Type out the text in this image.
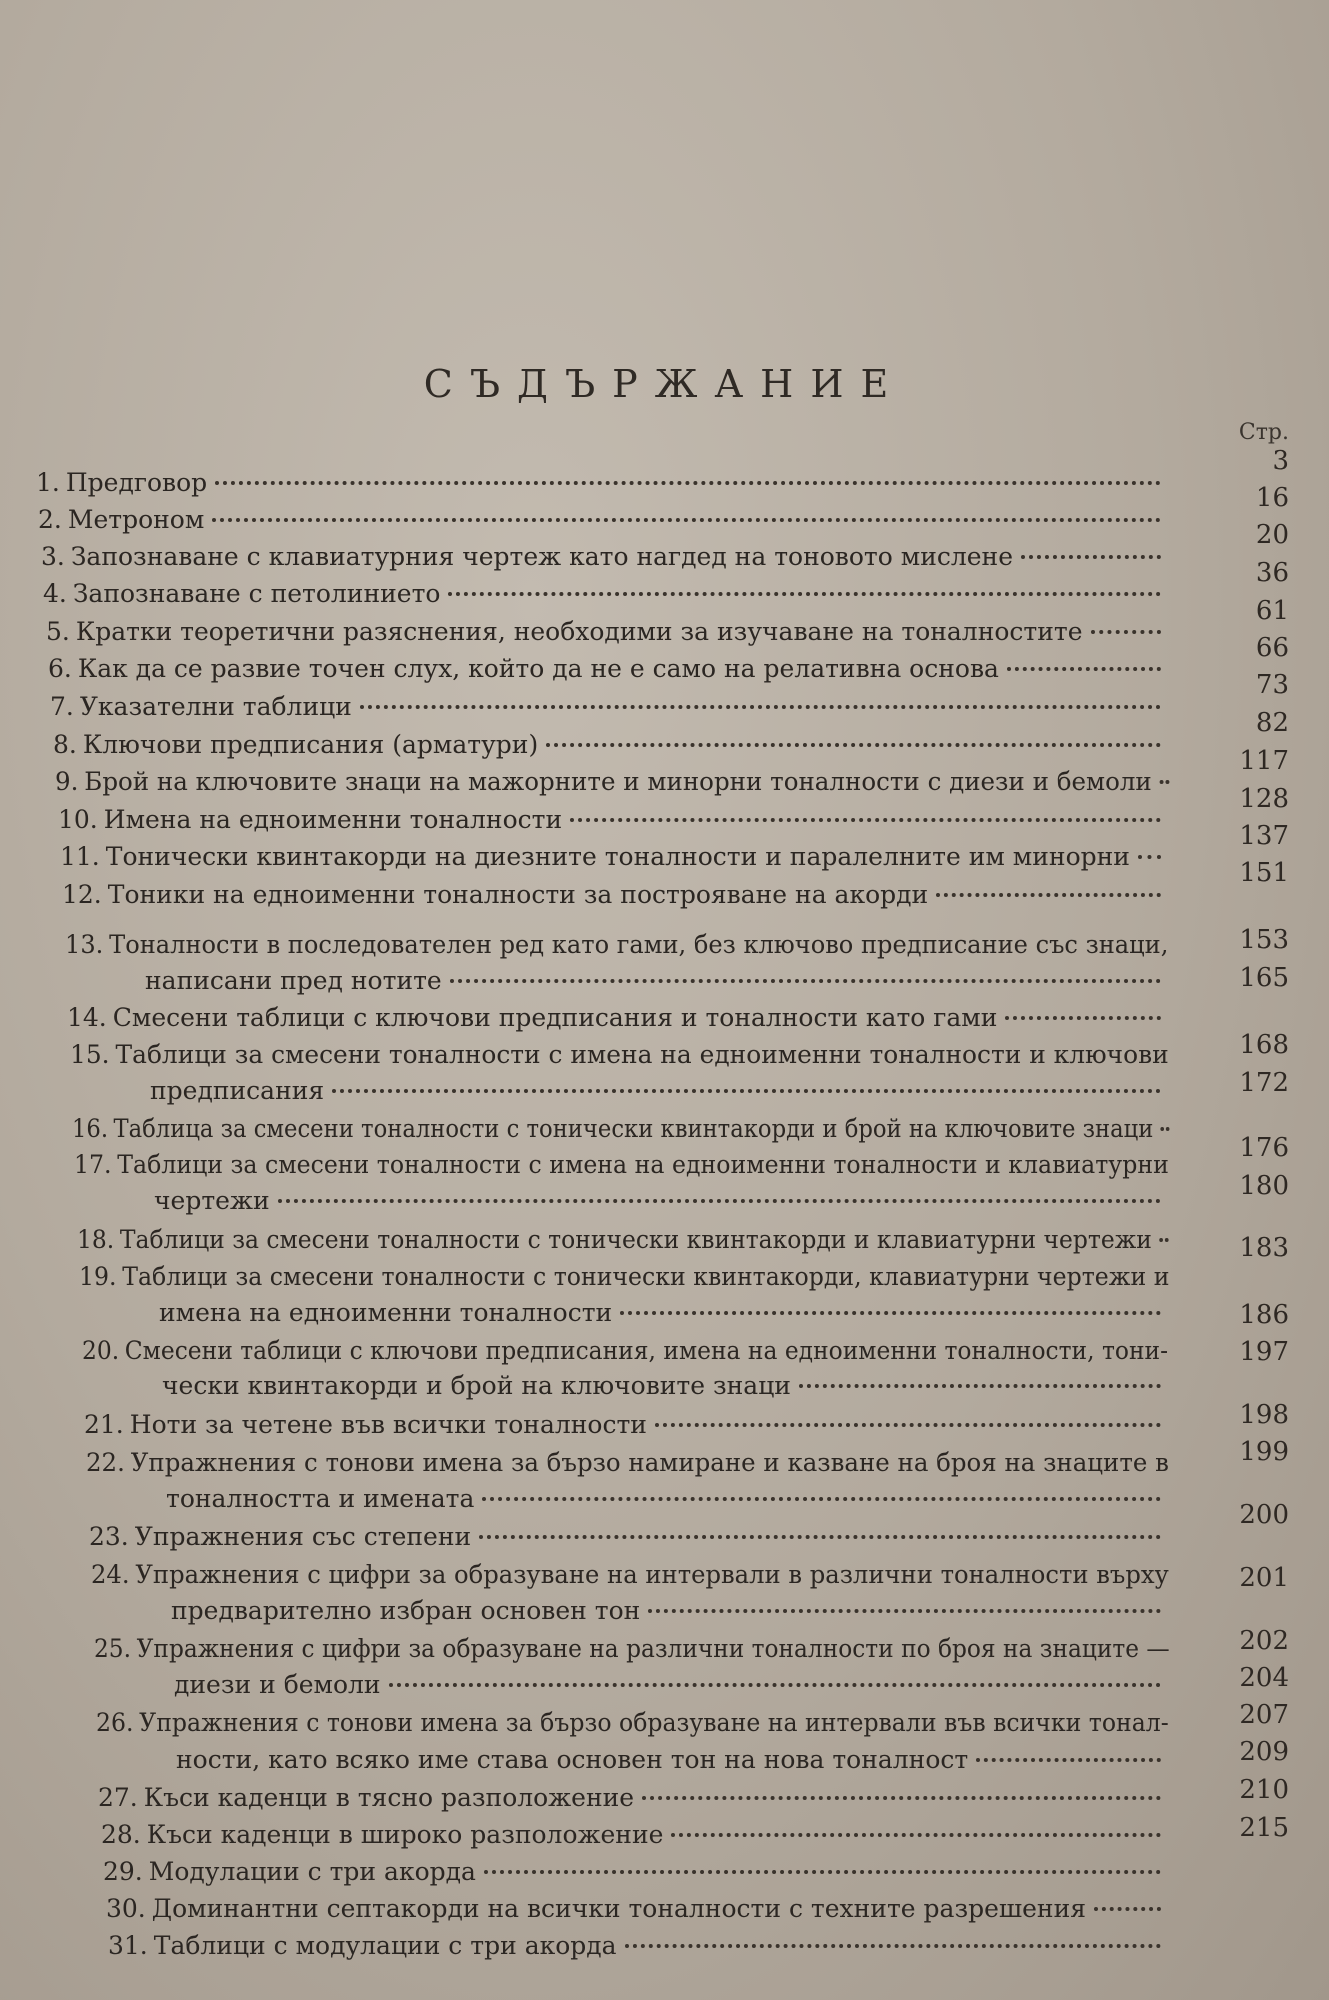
СЪДЪРЖАНИЕ
Стр.
1. Предговор
2. Метроном
3. Запознаване с клавиатурния чертеж като нагдед на тоновото мислене
4. Запознаване с петолинието
5. Кратки теоретични разяснения, необходими за изучаване на тоналностите
6. Как да се развие точен слух, който да не е само на релативна основа
7. Указателни таблици
8. Ключови предписания (арматури)
9. Брой на ключовите знаци на мажорните и минорни тоналности с диези и бемоли
10. Имена на едноименни тоналности
11. Тонически квинтакорди на диезните тоналности и паралелните им минорни
12. Тоники на едноименни тоналности за построяване на акорди
13. Тоналности в последователен ред като гами, без ключово предписание със знаци,
написани пред нотите
14. Смесени таблици с ключови предписания и тоналности като гами
15. Таблици за смесени тоналности с имена на едноименни тоналности и ключови
предписания
16. Таблица за смесени тоналности с тонически квинтакорди и брой на ключовите знаци
17. Таблици за смесени тоналности с имена на едноименни тоналности и клавиатурни
чертежи
18. Таблици за смесени тоналности с тонически квинтакорди и клавиатурни чертежи
19. Таблици за смесени тоналности с тонически квинтакорди, клавиатурни чертежи и
имена на едноименни тоналности
20. Смесени таблици с ключови предписания, имена на едноименни тоналности, тони-
чески квинтакорди и брой на ключовите знаци
21. Ноти за четене във всички тоналности
22. Упражнения с тонови имена за бързо намиране и казване на броя на знаците в
тоналността и имената
23. Упражнения със степени
24. Упражнения с цифри за образуване на интервали в различни тоналности върху
предварително избран основен тон
25. Упражнения с цифри за образуване на различни тоналности по броя на знаците —
диези и бемоли
26. Упражнения с тонови имена за бързо образуване на интервали във всички тонал-
ности, като всяко име става основен тон на нова тоналност
27. Къси каденци в тясно разположение
28. Къси каденци в широко разположение
29. Модулации с три акорда
30. Доминантни септакорди на всички тоналности с техните разрешения
31. Таблици с модулации с три акорда
3
16
20
36
61
66
73
82
117
128
137
151
153
165
168
172
176
180
183
186
197
198
199
200
201
202
204
207
209
210
215
